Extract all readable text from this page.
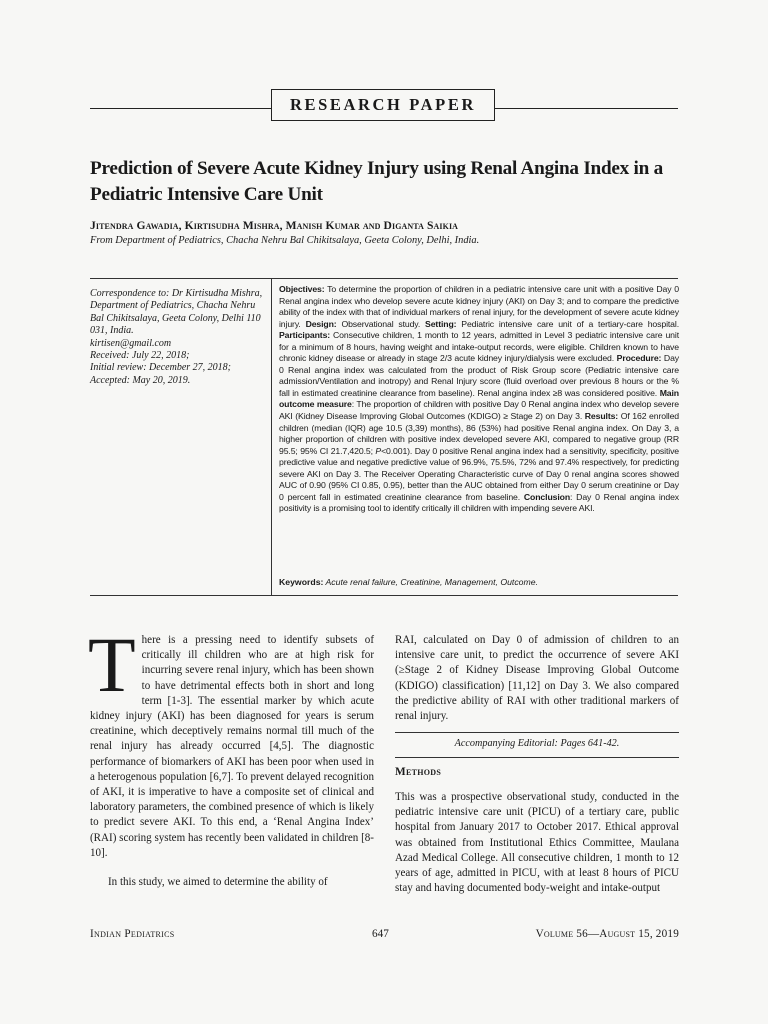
RESEARCH PAPER
Prediction of Severe Acute Kidney Injury using Renal Angina Index in a Pediatric Intensive Care Unit
Jitendra Gawadia, Kirtisudha Mishra, Manish Kumar and Diganta Saikia
From Department of Pediatrics, Chacha Nehru Bal Chikitsalaya, Geeta Colony, Delhi, India.
Correspondence to: Dr Kirtisudha Mishra, Department of Pediatrics, Chacha Nehru Bal Chikitsalaya, Geeta Colony, Delhi 110 031, India.
kirtisen@gmail.com
Received: July 22, 2018;
Initial review: December 27, 2018;
Accepted: May 20, 2019.

Objectives: To determine the proportion of children in a pediatric intensive care unit with a positive Day 0 Renal angina index who develop severe acute kidney injury (AKI) on Day 3; and to compare the predictive ability of the index with that of individual markers of renal injury, for the development of severe acute kidney injury. Design: Observational study. Setting: Pediatric intensive care unit of a tertiary-care hospital. Participants: Consecutive children, 1 month to 12 years, admitted in Level 3 pediatric intensive care unit for a minimum of 8 hours, having weight and intake-output records, were eligible. Children known to have chronic kidney disease or already in stage 2/3 acute kidney injury/dialysis were excluded. Procedure: Day 0 Renal angina index was calculated from the product of Risk Group score (Pediatric intensive care admission/Ventilation and inotropy) and Renal Injury score (fluid overload over previous 8 hours or the % fall in estimated creatinine clearance from baseline). Renal angina index ≥8 was considered positive. Main outcome measure: The proportion of children with positive Day 0 Renal angina index who develop severe AKI (Kidney Disease Improving Global Outcomes (KDIGO) ≥ Stage 2) on Day 3. Results: Of 162 enrolled children (median (IQR) age 10.5 (3,39) months), 86 (53%) had positive Renal angina index. On Day 3, a higher proportion of children with positive index developed severe AKI, compared to negative group (RR 95.5; 95% CI 21.7,420.5; P<0.001). Day 0 positive Renal angina index had a sensitivity, specificity, positive predictive value and negative predictive value of 96.9%, 75.5%, 72% and 97.4% respectively, for predicting severe AKI on Day 3. The Receiver Operating Characteristic curve of Day 0 renal angina scores showed AUC of 0.90 (95% CI 0.85, 0.95), better than the AUC obtained from either Day 0 serum creatinine or Day 0 percent fall in estimated creatinine clearance from baseline. Conclusion: Day 0 Renal angina index positivity is a promising tool to identify critically ill children with impending severe AKI.

Keywords: Acute renal failure, Creatinine, Management, Outcome.

There is a pressing need to identify subsets of critically ill children who are at high risk for incurring severe renal injury, which has been shown to have detrimental effects both in short and long term [1-3]. The essential marker by which acute kidney injury (AKI) has been diagnosed for years is serum creatinine, which deceptively remains normal till much of the renal injury has already occurred [4,5]. The diagnostic performance of biomarkers of AKI has been poor when used in a heterogenous population [6,7]. To prevent delayed recognition of AKI, it is imperative to have a composite set of clinical and laboratory parameters, the combined presence of which is likely to predict severe AKI. To this end, a ‘Renal Angina Index’ (RAI) scoring system has recently been validated in children [8-10].

In this study, we aimed to determine the ability of

RAI, calculated on Day 0 of admission of children to an intensive care unit, to predict the occurrence of severe AKI (≥Stage 2 of Kidney Disease Improving Global Outcome (KDIGO) classification) [11,12] on Day 3. We also compared the predictive ability of RAI with other traditional markers of renal injury.

Accompanying Editorial: Pages 641-42.
Methods

This was a prospective observational study, conducted in the pediatric intensive care unit (PICU) of a tertiary care, public hospital from January 2017 to October 2017. Ethical approval was obtained from Institutional Ethics Committee, Maulana Azad Medical College. All consecutive children, 1 month to 12 years of age, admitted in PICU, with at least 8 hours of PICU stay and having documented body-weight and intake-output

Indian Pediatrics	647	Volume 56—August 15, 2019
